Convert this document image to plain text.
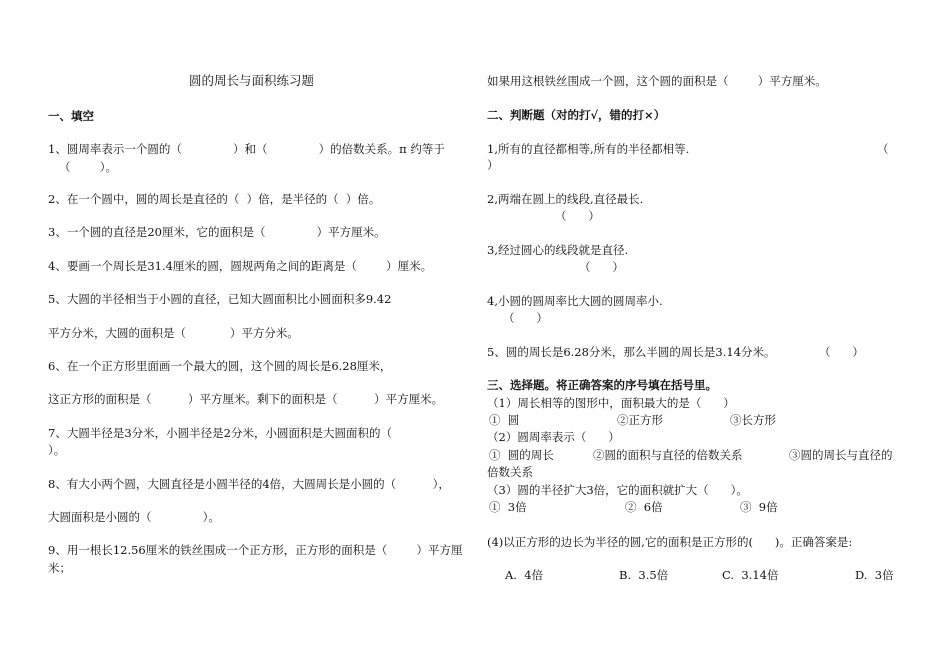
圆的周长与面积练习题
一、填空
1、圆周率表示一个圆的（              ）和（              ）的倍数关系。π 约等于
（        ）。
2、在一个圆中，圆的周长是直径的（  ）倍，是半径的（  ）倍。
3、一个圆的直径是20厘米，它的面积是（              ）平方厘米。
4、要画一个周长是31.4厘米的圆，圆规两角之间的距离是（        ）厘米。
5、大圆的半径相当于小圆的直径，已知大圆面积比小圆面积多9.42
平方分米，大圆的面积是（            ）平方分米。
6、在一个正方形里面画一个最大的圆，这个圆的周长是6.28厘米，
这正方形的面积是（          ）平方厘米。剩下的面积是（          ）平方厘米。
7、大圆半径是3分米，小圆半径是2分米，小圆面积是大圆面积的（
）。
8、有大小两个圆，大圆直径是小圆半径的4倍，大圆周长是小圆的（          ），
大圆面积是小圆的（              ）。
9、用一根长12.56厘米的铁丝围成一个正方形，正方形的面积是（        ）平方厘
米；
如果用这根铁丝围成一个圆，这个圆的面积是（        ）平方厘米。
二、判断题（对的打√，错的打×）
1,所有的直径都相等,所有的半径都相等.	（
）
2,两端在圆上的线段,直径最长.
（      ）
3,经过圆心的线段就是直径.
（      ）
4,小圆的圆周率比大圆的圆周率小.
（      ）
5、圆的周长是6.28分米，那么半圆的周长是3.14分米。	（      ）
三、选择题。将正确答案的序号填在括号里。
（1）周长相等的图形中，面积最大的是（      ）
①  圆	②正方形	③长方形
（2）圆周率表示（      ）
①  圆的周长	②圆的面积与直径的倍数关系	③圆的周长与直径的
倍数关系
（3）圆的半径扩大3倍，它的面积就扩大（      ）。
①  3倍	②  6倍	③  9倍
(4)以正方形的边长为半径的圆,它的面积是正方形的(      )。正确答案是:
A.  4倍	B.  3.5倍	C.  3.14倍	D.  3倍
